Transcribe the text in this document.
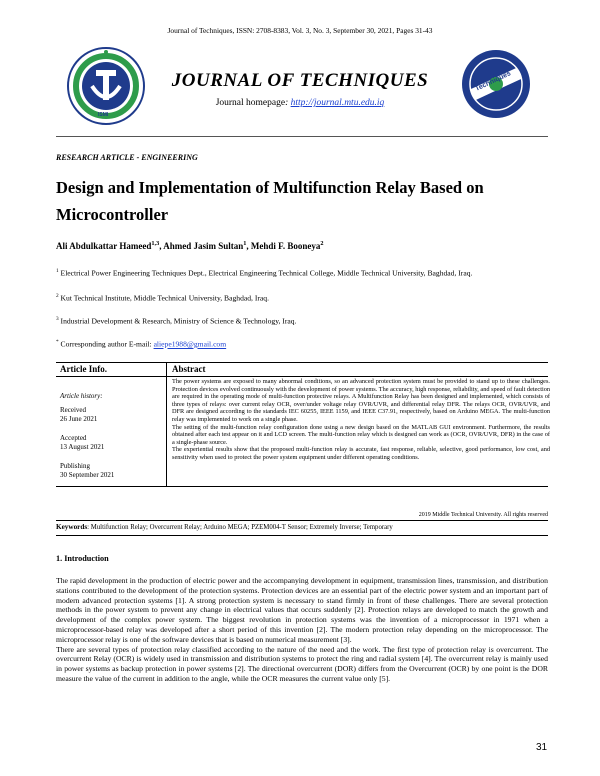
Journal of Techniques, ISSN: 2708-8383, Vol. 3, No. 3, September 30, 2021, Pages 31-43
ISMI
JOURNAL OF TECHNIQUES
Journal homepage: http://journal.mtu.edu.iq
Techniques
RESEARCH ARTICLE - ENGINEERING
Design and Implementation of Multifunction Relay Based on Microcontroller
Ali Abdulkattar Hameed$^{1,3}$, Ahmed Jasim Sultan$^1$, Mehdi F. Booneya$^2$
$^1$ Electrical Power Engineering Techniques Dept., Electrical Engineering Technical College, Middle Technical University, Baghdad, Iraq.
$^2$ Kut Technical Institute, Middle Technical University, Baghdad, Iraq.
$^3$ Industrial Development & Research, Ministry of Science & Technology, Iraq.
* Corresponding author E-mail: aliepe1988@gmail.com
Article Info.	Abstract
Article history:
Received
26 June 2021
Accepted
13 August 2021
Publishing
30 September 2021

The power systems are exposed to many abnormal conditions, so an advanced protection system must be provided to stand up to these challenges. Protection devices evolved continuously with the development of power systems. The accuracy, high response, reliability, and speed of fault detection are required in the operating mode of multi-function protective relays. A Multifunction Relay has been designed and implemented, which consists of three types of relays: over current relay OCR, over/under voltage relay OVR/UVR, and differential relay DFR. The relays OCR, OVR/UVR, and DFR are designed according to the standards IEC 60255, IEEE 1159, and IEEE C37.91, respectively, based on Arduino MEGA. The multi-function relay was implemented to work on a single phase.

The setting of the multi-function relay configuration done using a new design based on the MATLAB GUI environment. Furthermore, the results obtained after each test appear on it and LCD screen. The multi-function relay which is designed can work as (OCR, OVR/UVR, DFR) in the case of a single-phase source.

The experiential results show that the proposed multi-function relay is accurate, fast response, reliable, selective, good performance, low cost, and sensitivity when used to protect the power system equipment under different operating conditions.

2019 Middle Technical University. All rights reserved
Keywords: Multifunction Relay; Overcurrent Relay; Arduino MEGA; PZEM004-T Sensor; Extremely Inverse; Temporary
1. Introduction

The rapid development in the production of electric power and the accompanying development in equipment, transmission lines, transmission, and distribution stations contributed to the development of the protection systems. Protection devices are an essential part of the electric power system and an important part of modern advanced protection systems [1]. A strong protection system is necessary to stand firmly in front of these challenges. There are several protection methods in the power system to prevent any change in electrical values that occurs suddenly [2]. Protection relays are developed to match the growth and development of the complex power system. The biggest revolution in protection systems was the invention of a microprocessor in 1971 when a microprocessor-based relay was developed after a short period of this invention [2]. The modern protection relay depending on the microprocessor. The microprocessor relay is one of the software devices that is based on numerical measurement [3].

There are several types of protection relay classified according to the nature of the need and the work. The first type of protection relay is overcurrent. The overcurrent Relay (OCR) is widely used in transmission and distribution systems to protect the ring and radial system [4]. The overcurrent relay is mainly used in power systems as backup protection in power systems [2]. The directional overcurrent (DOR) differs from the Overcurrent (OCR) by one point is the DOR measure the value of the current in addition to the angle, while the OCR measures the current value only [5].

31
